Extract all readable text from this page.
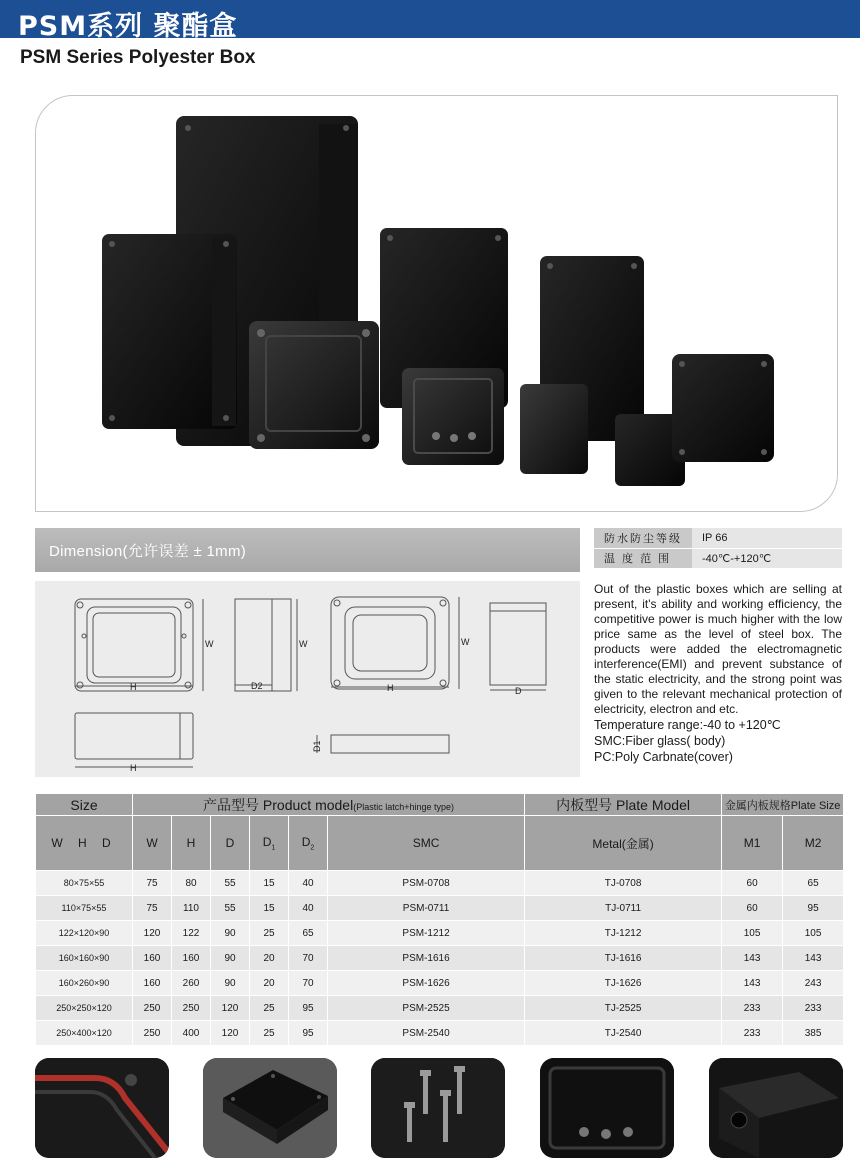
PSM系列 聚酯盒
PSM Series Polyester Box
Dimension(允许误差 ± 1mm)
防水防尘等级	IP 66
温 度 范 围	-40℃-+120℃
H
W
D2
W
H
W
D
H
D1

Out of the plastic boxes which are selling at present, it's ability and working efficiency, the competitive power is much higher with the low price same as the level of steel box. The products were added the electromagnetic interference(EMI) and prevent substance of the static electricity, and the strong point was given to the relevant mechanical protection of electricity, electron and etc.

Temperature range:-40 to +120℃
SMC:Fiber glass( body)
PC:Poly Carbnate(cover)
Size	产品型号 Product model(Plastic latch+hinge type)						内板型号 Plate Model	金属内板规格Plate Size	
W H D	W	H	D	$D_1$	$D_2$	SMC	Metal(金属)	M1	M2
80×75×55	75	80	55	15	40	PSM-0708	TJ-0708	60	65
110×75×55	75	110	55	15	40	PSM-0711	TJ-0711	60	95
122×120×90	120	122	90	25	65	PSM-1212	TJ-1212	105	105
160×160×90	160	160	90	20	70	PSM-1616	TJ-1616	143	143
160×260×90	160	260	90	20	70	PSM-1626	TJ-1626	143	243
250×250×120	250	250	120	25	95	PSM-2525	TJ-2525	233	233
250×400×120	250	400	120	25	95	PSM-2540	TJ-2540	233	385
